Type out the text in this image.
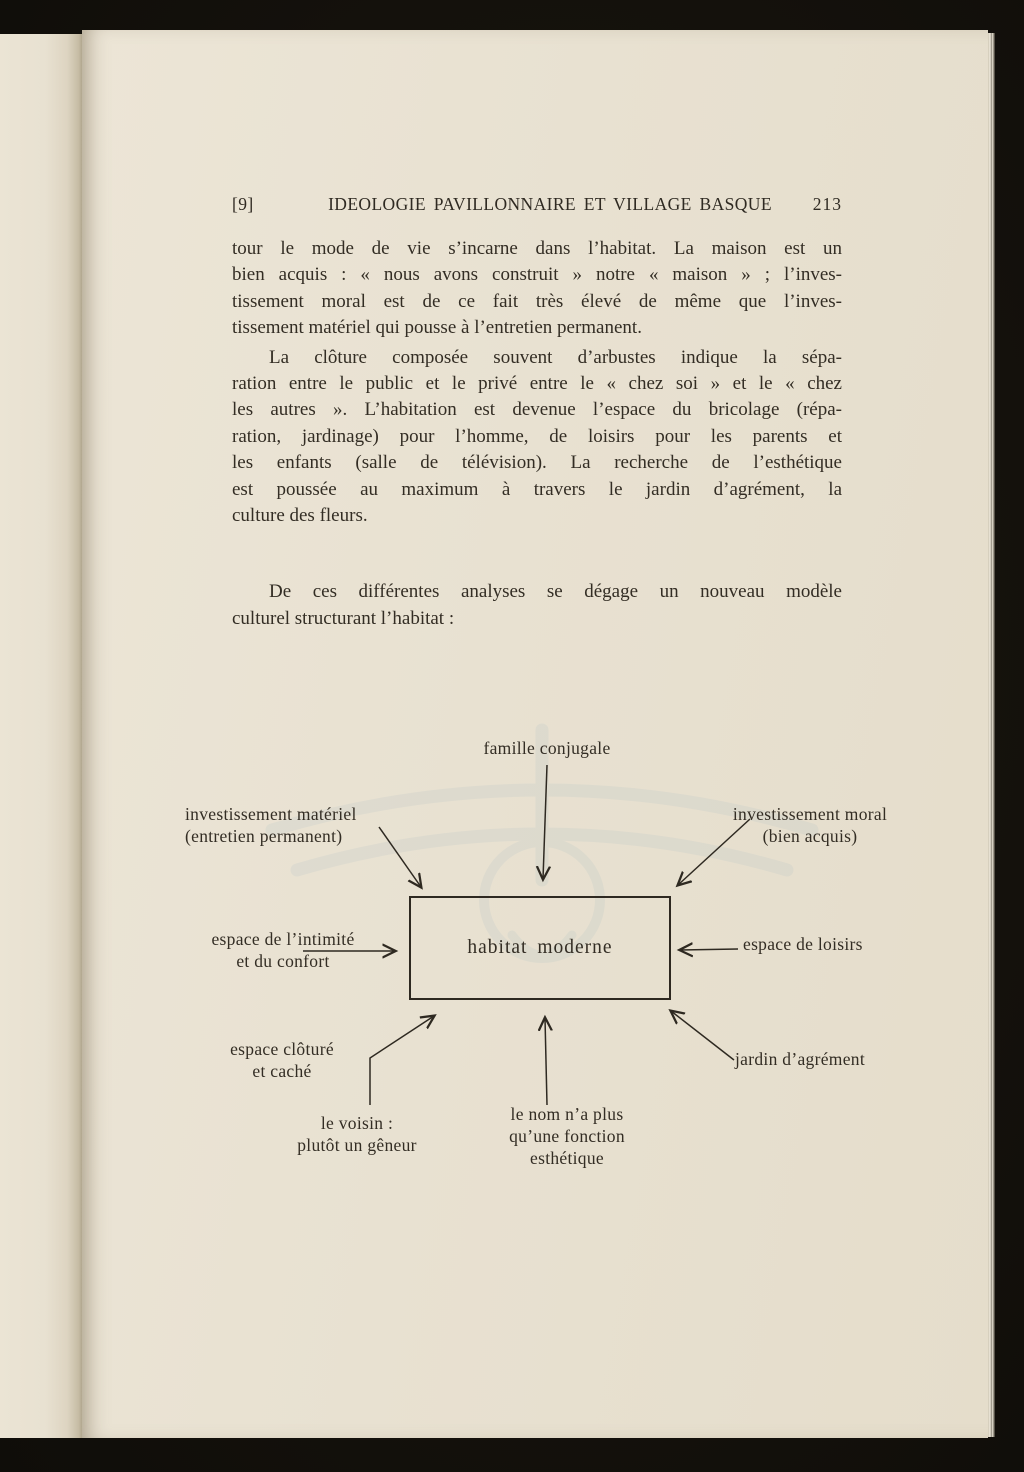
[9]	IDEOLOGIE PAVILLONNAIRE ET VILLAGE BASQUE	213
tour le mode de vie s’incarne dans l’habitat. La maison est un
bien acquis : « nous avons construit » notre « maison » ; l’inves-
tissement moral est de ce fait très élevé de même que l’inves-
tissement matériel qui pousse à l’entretien permanent.
La clôture composée souvent d’arbustes indique la sépa-
ration entre le public et le privé entre le « chez soi » et le « chez
les autres ». L’habitation est devenue l’espace du bricolage (répa-
ration, jardinage) pour l’homme, de loisirs pour les parents et
les enfants (salle de télévision). La recherche de l’esthétique
est poussée au maximum à travers le jardin d’agrément, la
culture des fleurs.
De ces différentes analyses se dégage un nouveau modèle
culturel structurant l’habitat :
famille conjugale
investissement matériel
(entretien permanent)
investissement moral
(bien acquis)
espace de l’intimité
et du confort
espace de loisirs
habitat moderne
espace clôturé
et caché
le voisin :
plutôt un gêneur
le nom n’a plus
qu’une fonction
esthétique
jardin d’agrément
